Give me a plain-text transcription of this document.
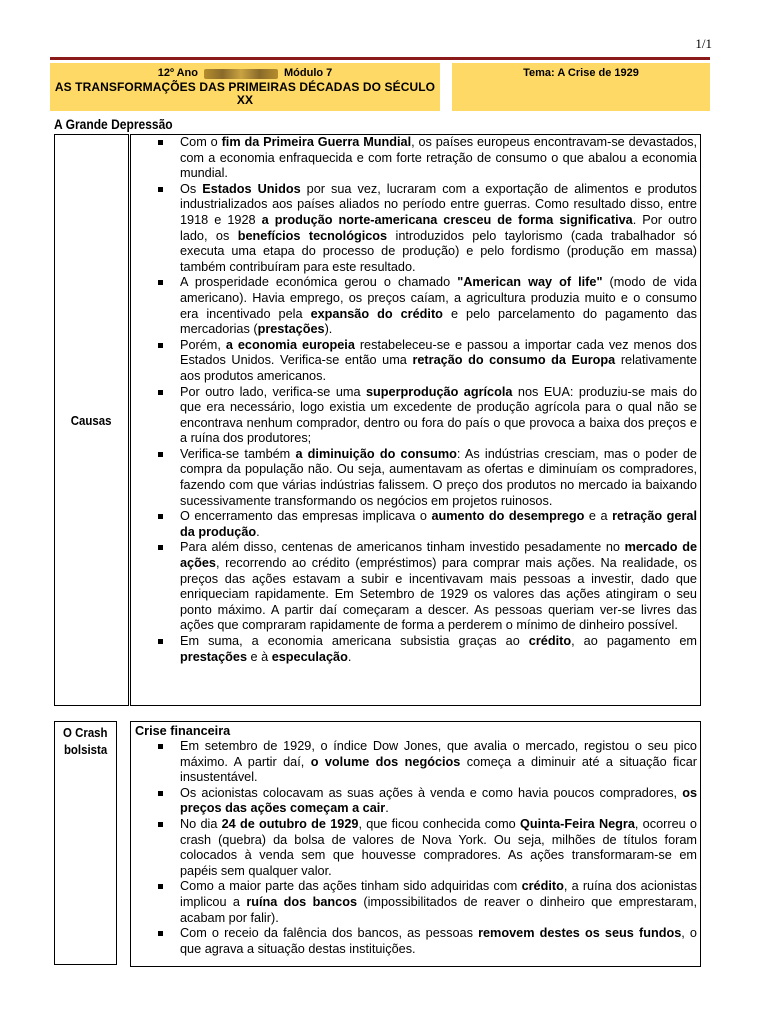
1/1
12º Ano	Módulo 7
AS TRANSFORMAÇÕES DAS PRIMEIRAS DÉCADAS DO SÉCULO XX
Tema: A Crise de 1929
A Grande Depressão
Causas
Com o fim da Primeira Guerra Mundial, os países europeus encontravam-se devastados, com a economia enfraquecida e com forte retração de consumo o que abalou a economia mundial.
Os Estados Unidos por sua vez, lucraram com a exportação de alimentos e produtos industrializados aos países aliados no período entre guerras. Como resultado disso, entre 1918 e 1928 a produção norte-americana cresceu de forma significativa. Por outro lado, os benefícios tecnológicos introduzidos pelo taylorismo (cada trabalhador só executa uma etapa do processo de produção) e pelo fordismo (produção em massa) também contribuíram para este resultado.
A prosperidade económica gerou o chamado "American way of life" (modo de vida americano). Havia emprego, os preços caíam, a agricultura produzia muito e o consumo era incentivado pela expansão do crédito e pelo parcelamento do pagamento das mercadorias (prestações).
Porém, a economia europeia restabeleceu-se e passou a importar cada vez menos dos Estados Unidos. Verifica-se então uma retração do consumo da Europa relativamente aos produtos americanos.
Por outro lado, verifica-se uma superprodução agrícola nos EUA: produziu-se mais do que era necessário, logo existia um excedente de produção agrícola para o qual não se encontrava nenhum comprador, dentro ou fora do país o que provoca a baixa dos preços e a ruína dos produtores;
Verifica-se também a diminuição do consumo: As indústrias cresciam, mas o poder de compra da população não. Ou seja, aumentavam as ofertas e diminuíam os compradores, fazendo com que várias indústrias falissem. O preço dos produtos no mercado ia baixando sucessivamente transformando os negócios em projetos ruinosos.
O encerramento das empresas implicava o aumento do desemprego e a retração geral da produção.
Para além disso, centenas de americanos tinham investido pesadamente no mercado de ações, recorrendo ao crédito (empréstimos) para comprar mais ações. Na realidade, os preços das ações estavam a subir e incentivavam mais pessoas a investir, dado que enriqueciam rapidamente. Em Setembro de 1929 os valores das ações atingiram o seu ponto máximo. A partir daí começaram a descer. As pessoas queriam ver-se livres das ações que compraram rapidamente de forma a perderem o mínimo de dinheiro possível.
Em suma, a economia americana subsistia graças ao crédito, ao pagamento em prestações e à especulação.
O Crash
bolsista
Crise financeira
Em setembro de 1929, o índice Dow Jones, que avalia o mercado, registou o seu pico máximo. A partir daí, o volume dos negócios começa a diminuir até a situação ficar insustentável.
Os acionistas colocavam as suas ações à venda e como havia poucos compradores, os preços das ações começam a cair.
No dia 24 de outubro de 1929, que ficou conhecida como Quinta-Feira Negra, ocorreu o crash (quebra) da bolsa de valores de Nova York. Ou seja, milhões de títulos foram colocados à venda sem que houvesse compradores. As ações transformaram-se em papéis sem qualquer valor.
Como a maior parte das ações tinham sido adquiridas com crédito, a ruína dos acionistas implicou a ruína dos bancos (impossibilitados de reaver o dinheiro que emprestaram, acabam por falir).
Com o receio da falência dos bancos, as pessoas removem destes os seus fundos, o que agrava a situação destas instituições.
